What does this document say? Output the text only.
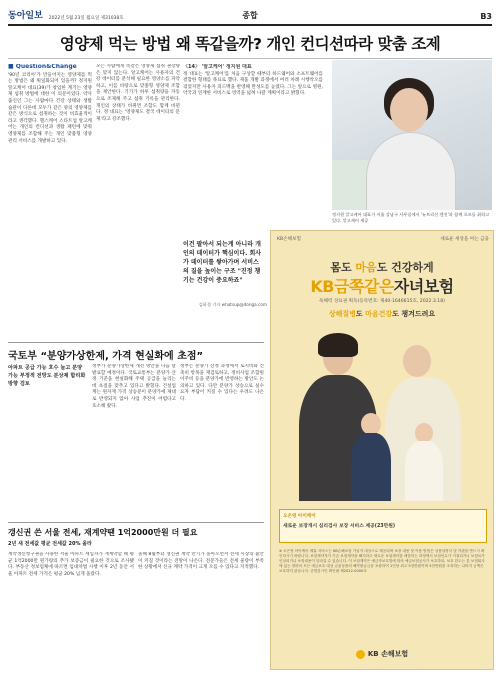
동아일보 2022년 5월 23일 월요일 제31038호	종합	B3
영양제 먹는 방법 왜 똑같을까? 개인 컨디션따라 맞춤 조제
■ Question&Change
'90년 코리아'가 만들어지는 영양제를 먹는 방법은 왜 획일화되어 있을까? 정지원 알고케어 대표(39)가 창업한 계기는 영양제 섭취 방법에 대한 이 의문이었다. 약사 출신인 그는 사람마다 건강 상태와 생활 습관이 다른데 모두가 같은 양의 영양제를 같은 방식으로 섭취하는 것이 비효율적이라고 생각했다. 헬스케어 스타트업 알고케어는 개인의 컨디션과 생활 패턴에 맞춰 영양제를 조합해 주는 개인 맞춤형 영양 관리 서비스를 개발하고 있다.
모든 사람에게 똑같은 영양제 섭취 권장량은 맞지 않는다. 알고케어는 사용자의 건강 데이터를 분석해 필요한 영양소를 파악하고, 이를 바탕으로 맞춤형 영양제 조합을 제안한다. 기기가 하루 섭취량을 자동으로 조제해 주고 섭취 기록을 관리한다. 개인의 상태가 바뀌면 조합도 함께 바뀐다. 정 대표는 '영양제도 결국 데이터의 문제'라고 강조했다.
〈14〉 '알고케어' 정지원 대표
정 대표는 '알고케어'를 처음 구상할 때부터 하드웨어와 소프트웨어를 결합한 형태를 목표로 했다. 제품 개발 과정에서 여러 차례 시행착오를 겪었지만 사용자 피드백을 반영해 완성도를 높였다. 그는 앞으로 병원, 약국과 연계한 서비스로 영역을 넓혀 나갈 계획이라고 밝혔다.
이건 팔아서 되는게 아니라 개인의 데이터가 핵심이다. 회사가 데이터를 쌓아가며 서비스의 질을 높이는 구조 "진정 챙기는 건강이 중요하죠"
김하경 기자 whatsup@donga.com
정지원 알고케어 대표가 서울 강남구 사무실에서 '뉴트리션 엔진'과 함께 포즈를 취하고 있다. 알고케어 제공
국토부 “분양가상한제, 가격 현실화에 초점”
아파트 공급 가능 호수 늘고 분양 가능 부정적 전망도 분상제 합리화 방향 검토
정부가 분양가상한제 개선 방안을 다음 달 발표할 예정이다. 국토교통부는 분양가 산정 기준을 현실화해 주택 공급을 늘리는 데 초점을 맞추고 있다고 밝혔다. 건설업계는 원자재 가격 상승분이 분양가에 제대로 반영되지 않아 사업 추진이 어렵다고 호소해 왔다.
정부는 분양가 산정 과정에서 토지비와 건축비 항목을 재검토하고, 정비사업 조합원 이주비 등을 분양가에 반영하는 방안도 논의하고 있다. 다만 분양가 상승으로 실수요자 부담이 커질 수 있다는 우려도 나온다.
갱신권 쓴 서울 전세, 재계약땐 1억2000만원 더 필요
2년 새 전세값 평균 전세값 20% 올라
계약갱신청구권을 사용한 서울 아파트 세입자가 재계약할 때 평균 1억2000만 원가량의 추가 보증금이 필요한 것으로 조사됐다. 부동산 정보업체에 따르면 임대차법 시행 이후 2년 동안 서울 아파트 전세 가격은 평균 20% 넘게 올랐다.
올해 8월부터 갱신권 계약 만기가 돌아오면서 전세 시장의 불안이 커질 것이라는 전망이 나온다. 전문가들은 전세 물량이 부족한 상황에서 신규 계약 가격이 크게 오를 수 있다고 지적했다.
KB손해보험	새로운 세상을 여는 금융
몸도 마음도 건강하게
KB금쪽같은자녀보험
독해력 상표권 획득(등록번호: 제40-1646615호, 2022.3.18)
상해질병도 마음건강도 챙겨드려요
오은영 아이케어
새로운 보장개시 심리검사 보장 서비스 제공(23만원)
※ 오은영 아이케어 제휴 서비스는 KB손해보험 가입자 대상으로 제공되며 보장 내용 및 이용 방법은 상품설명서 및 약관을 반드시 확인하시기 바랍니다. 보험계약자가 기존 보험계약을 해지하고 새로운 보험계약을 체결하는 과정에서 보험인수가 거절되거나 보험료가 인상되거나 보장내용이 달라질 수 있습니다. 이 보험계약은 예금자보호법에 따라 예금보험공사가 보호하되, 보호 한도는 본 보험회사에 있는 귀하의 모든 예금보호 대상 금융상품의 해약환급금을 포함하여 1인당 최고 5천만원이며 5천만원을 초과하는 나머지 금액은 보호하지 않습니다. 준법감시인 확인필 제2022-0000호
KB 손해보험
